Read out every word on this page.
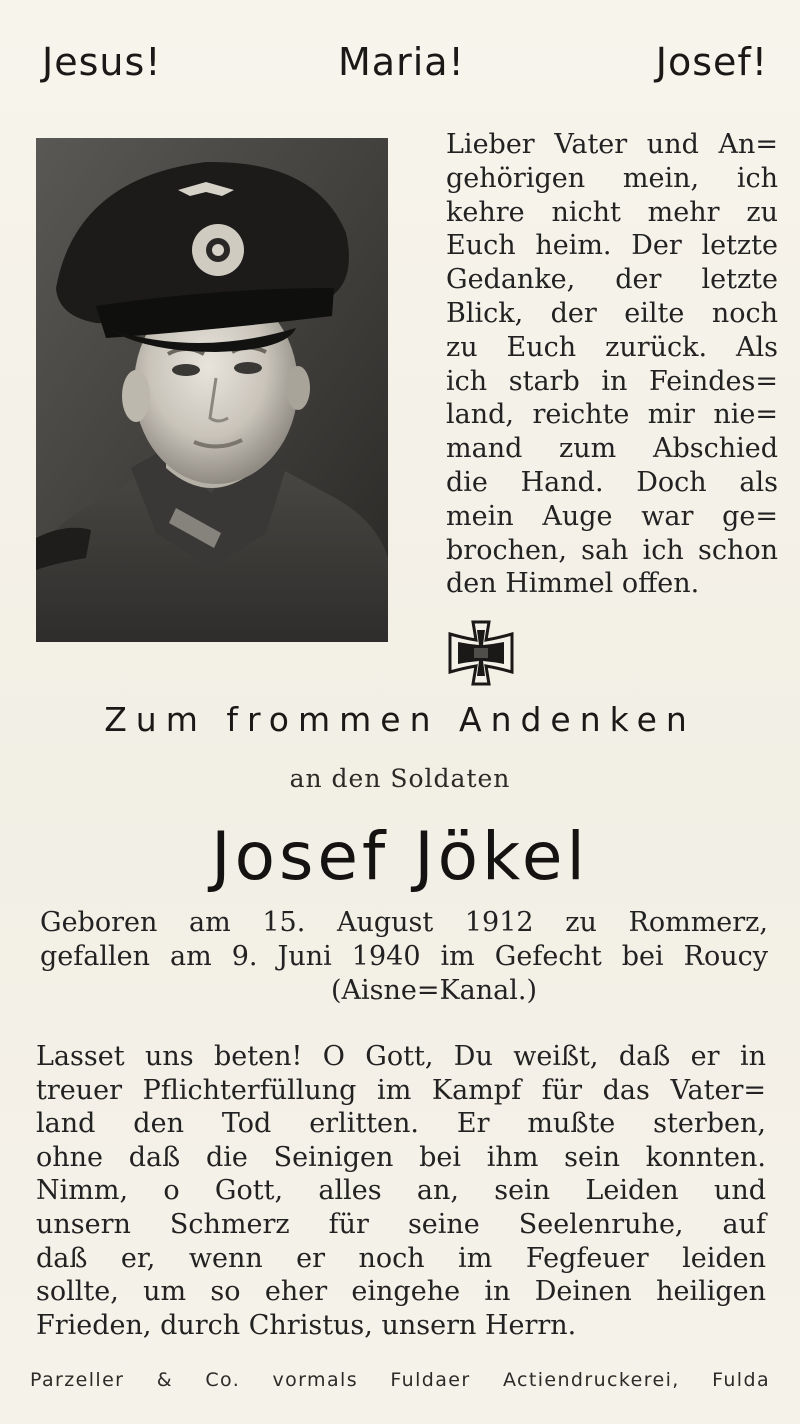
Jesus!	Maria!	Josef!
Lieber Vater und An=
gehörigen mein, ich
kehre nicht mehr zu
Euch heim. Der letzte
Gedanke, der letzte
Blick, der eilte noch
zu Euch zurück. Als
ich starb in Feindes=
land, reichte mir nie=
mand zum Abschied
die Hand. Doch als
mein Auge war ge=
brochen, sah ich schon
den Himmel offen.
Zum frommen Andenken
an den Soldaten
Josef Jökel
Geboren am 15. August 1912 zu Rommerz,
gefallen am 9. Juni 1940 im Gefecht bei Roucy
(Aisne=Kanal.)
Lasset uns beten! O Gott, Du weißt, daß er in
treuer Pflichterfüllung im Kampf für das Vater=
land den Tod erlitten. Er mußte sterben,
ohne daß die Seinigen bei ihm sein konnten.
Nimm, o Gott, alles an, sein Leiden und
unsern Schmerz für seine Seelenruhe, auf
daß er, wenn er noch im Fegfeuer leiden
sollte, um so eher eingehe in Deinen heiligen
Frieden, durch Christus, unsern Herrn.
Parzeller & Co. vormals Fuldaer Actiendruckerei, Fulda
